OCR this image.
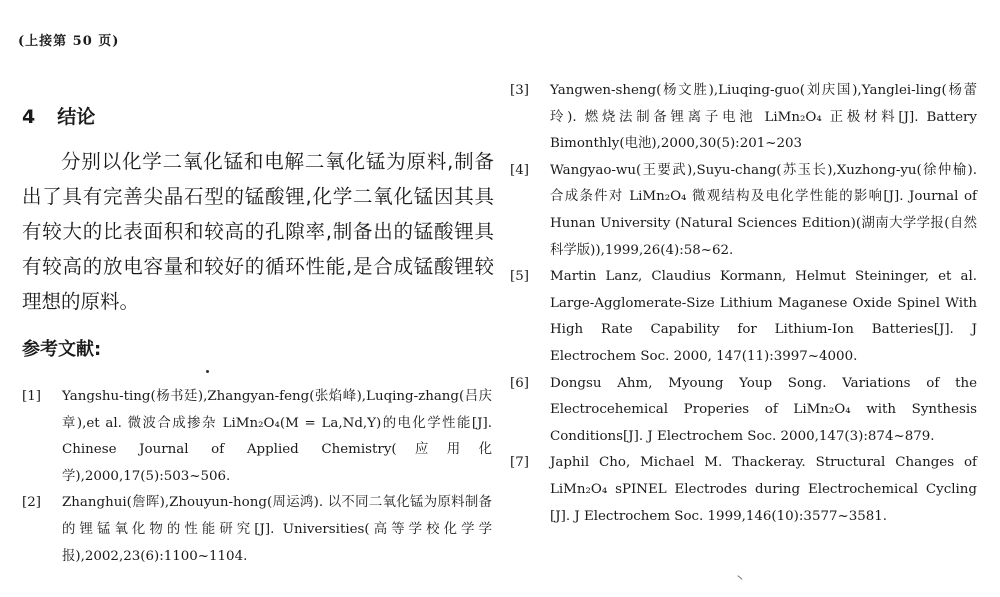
(上接第 50 页)
4 结论

分别以化学二氧化锰和电解二氧化锰为原料,制备出了具有完善尖晶石型的锰酸锂,化学二氧化锰因其具有较大的比表面积和较高的孔隙率,制备出的锰酸锂具有较高的放电容量和较好的循环性能,是合成锰酸锂较理想的原料。

参考文献:
[1]	Yangshu-ting(杨书廷),Zhangyan-feng(张焰峰),Luqing-zhang(吕庆章),et al. 微波合成掺杂 LiMn₂O₄(M = La,Nd,Y)的电化学性能[J]. Chinese Journal of Applied Chemistry(应用化学),2000,17(5):503~506.
[2]	Zhanghui(詹晖),Zhouyun-hong(周运鸿). 以不同二氧化锰为原料制备的锂锰氧化物的性能研究[J]. Universities(高等学校化学学报),2002,23(6):1100~1104.
[3]	Yangwen-sheng(杨文胜),Liuqing-guo(刘庆国),Yanglei-ling(杨蕾玲). 燃烧法制备锂离子电池 LiMn₂O₄ 正极材料[J]. Battery Bimonthly(电池),2000,30(5):201~203
[4]	Wangyao-wu(王要武),Suyu-chang(苏玉长),Xuzhong-yu(徐仲榆). 合成条件对 LiMn₂O₄ 微观结构及电化学性能的影响[J]. Journal of Hunan University (Natural Sciences Edition)(湖南大学学报(自然科学版)),1999,26(4):58~62.
[5]	Martin Lanz, Claudius Kormann, Helmut Steininger, et al. Large-Agglomerate-Size Lithium Maganese Oxide Spinel With High Rate Capability for Lithium-Ion Batteries[J]. J Electrochem Soc. 2000, 147(11):3997~4000.
[6]	Dongsu Ahm, Myoung Youp Song. Variations of the Electrocehemical Properies of LiMn₂O₄ with Synthesis Conditions[J]. J Electrochem Soc. 2000,147(3):874~879.
[7]	Japhil Cho, Michael M. Thackeray. Structural Changes of LiMn₂O₄ sPINEL Electrodes during Electrochemical Cycling [J]. J Electrochem Soc. 1999,146(10):3577~3581.
